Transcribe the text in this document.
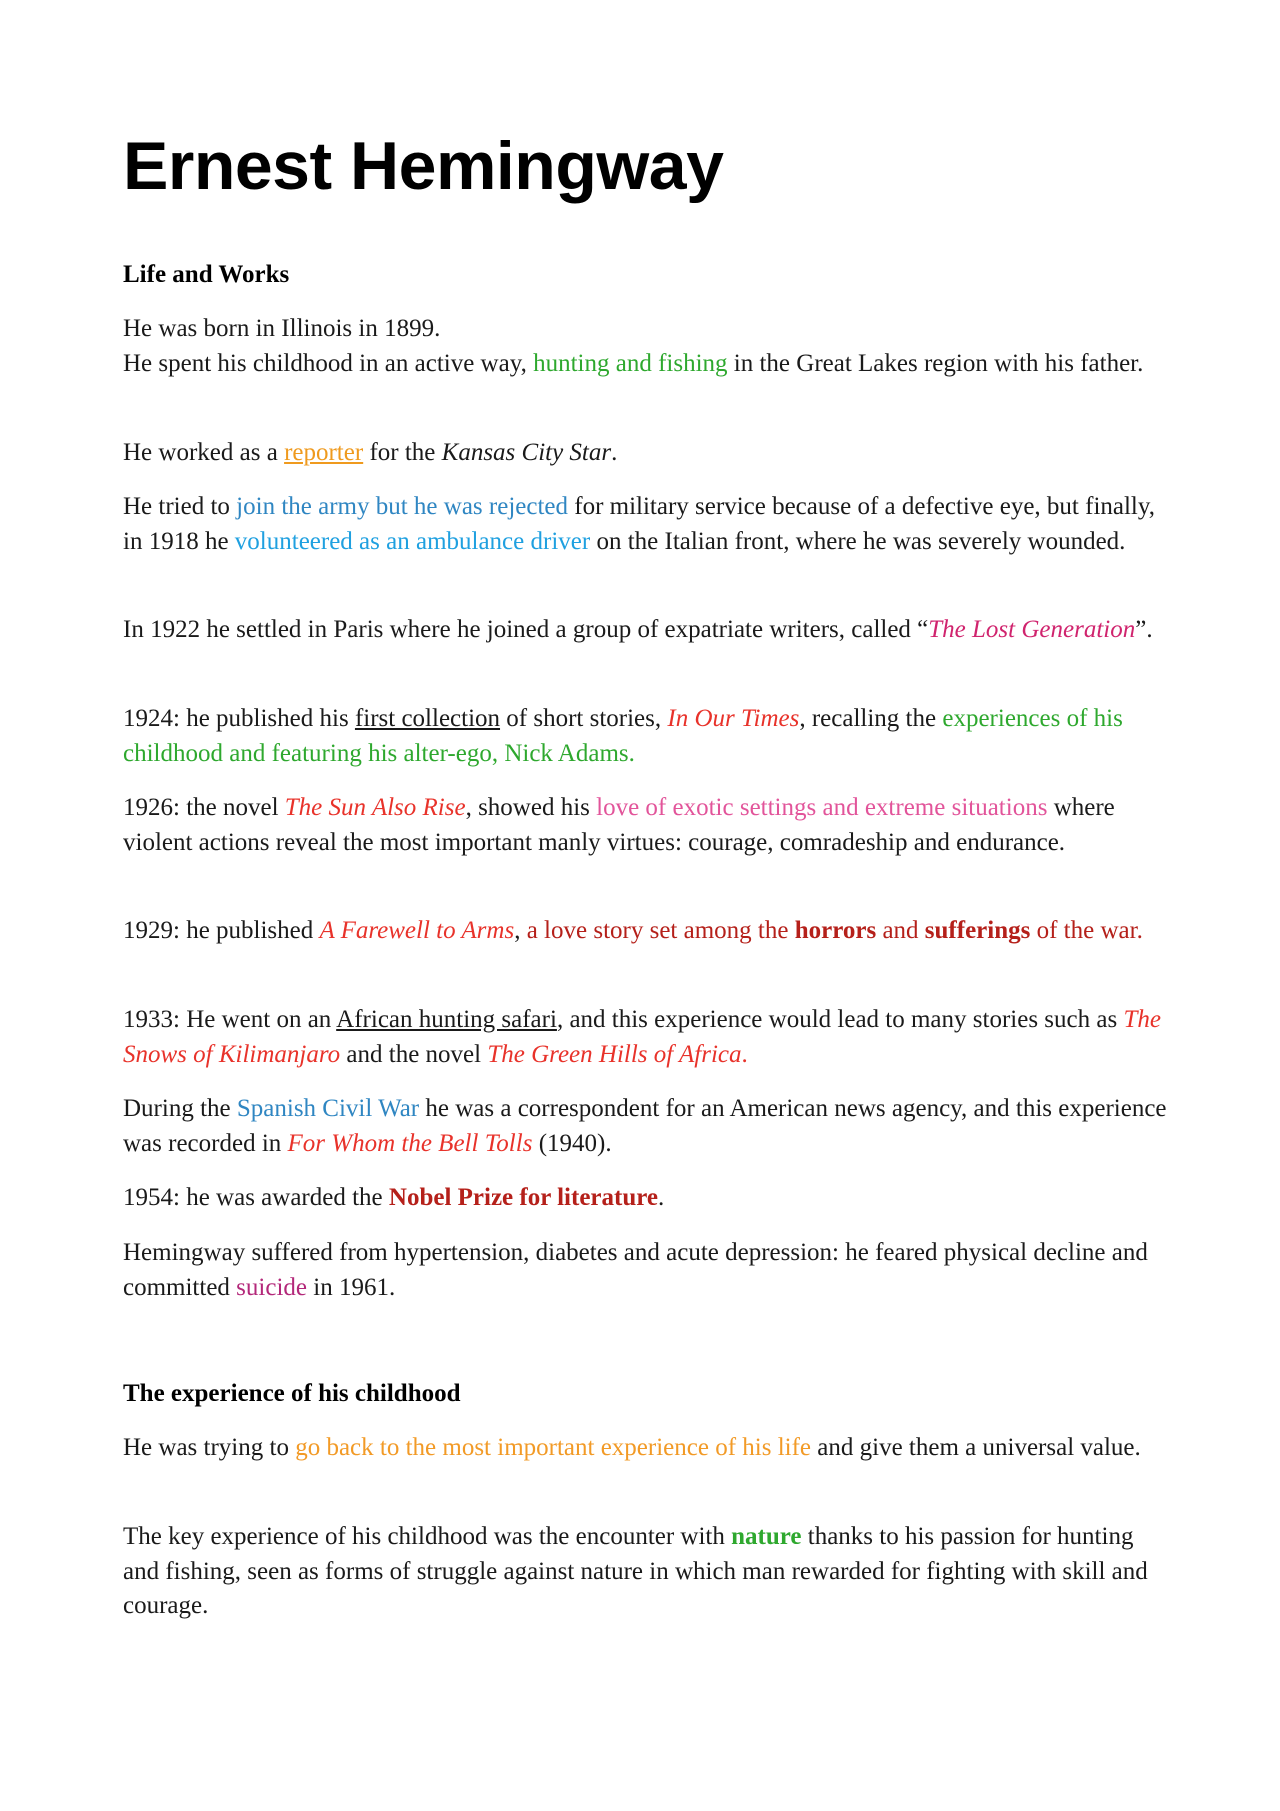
Ernest Hemingway
Life and Works

He was born in Illinois in 1899.

He spent his childhood in an active way, hunting and fishing in the Great Lakes region with his father.

He worked as a reporter for the Kansas City Star.

He tried to join the army but he was rejected for military service because of a defective eye, but finally, in 1918 he volunteered as an ambulance driver on the Italian front, where he was severely wounded.

In 1922 he settled in Paris where he joined a group of expatriate writers, called “The Lost Generation”.

1924: he published his first collection of short stories, In Our Times, recalling the experiences of his childhood and featuring his alter-ego, Nick Adams.

1926: the novel The Sun Also Rise, showed his love of exotic settings and extreme situations where violent actions reveal the most important manly virtues: courage, comradeship and endurance.

1929: he published A Farewell to Arms, a love story set among the horrors and sufferings of the war.

1933: He went on an African hunting safari, and this experience would lead to many stories such as The Snows of Kilimanjaro and the novel The Green Hills of Africa.

During the Spanish Civil War he was a correspondent for an American news agency, and this experience was recorded in For Whom the Bell Tolls (1940).

1954: he was awarded the Nobel Prize for literature.

Hemingway suffered from hypertension, diabetes and acute depression: he feared physical decline and committed suicide in 1961.

The experience of his childhood

He was trying to go back to the most important experience of his life and give them a universal value.

The key experience of his childhood was the encounter with nature thanks to his passion for hunting and fishing, seen as forms of struggle against nature in which man rewarded for fighting with skill and courage.
